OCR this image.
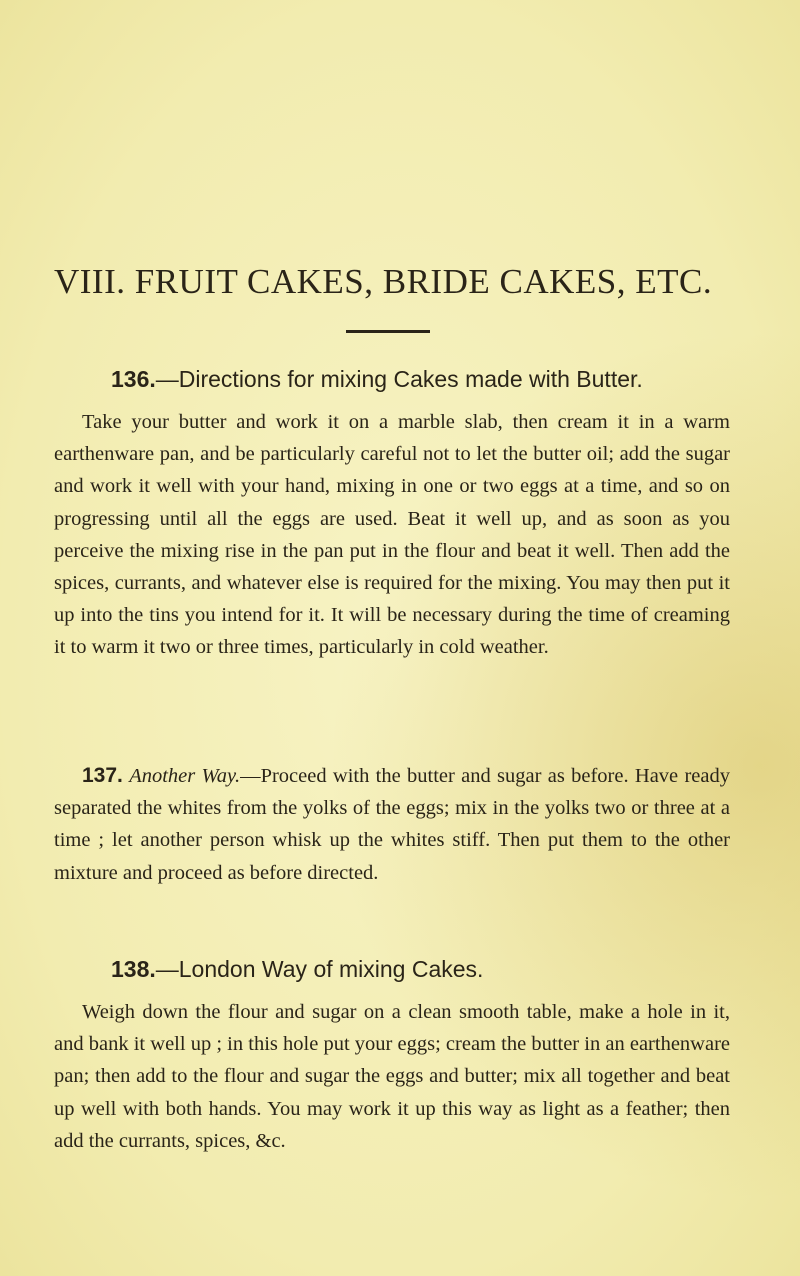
VIII. FRUIT CAKES, BRIDE CAKES, ETC.
136.—Directions for mixing Cakes made with Butter.

Take your butter and work it on a marble slab, then cream it in a warm earthenware pan, and be particularly careful not to let the butter oil; add the sugar and work it well with your hand, mixing in one or two eggs at a time, and so on progressing until all the eggs are used. Beat it well up, and as soon as you perceive the mixing rise in the pan put in the flour and beat it well. Then add the spices, currants, and whatever else is required for the mixing. You may then put it up into the tins you intend for it. It will be necessary during the time of creaming it to warm it two or three times, particularly in cold weather.

137. Another Way.—Proceed with the butter and sugar as before. Have ready separated the whites from the yolks of the eggs; mix in the yolks two or three at a time ; let another person whisk up the whites stiff. Then put them to the other mixture and proceed as before directed.

138.—London Way of mixing Cakes.

Weigh down the flour and sugar on a clean smooth table, make a hole in it, and bank it well up ; in this hole put your eggs; cream the butter in an earthenware pan; then add to the flour and sugar the eggs and butter; mix all together and beat up well with both hands. You may work it up this way as light as a feather; then add the currants, spices, &c.
